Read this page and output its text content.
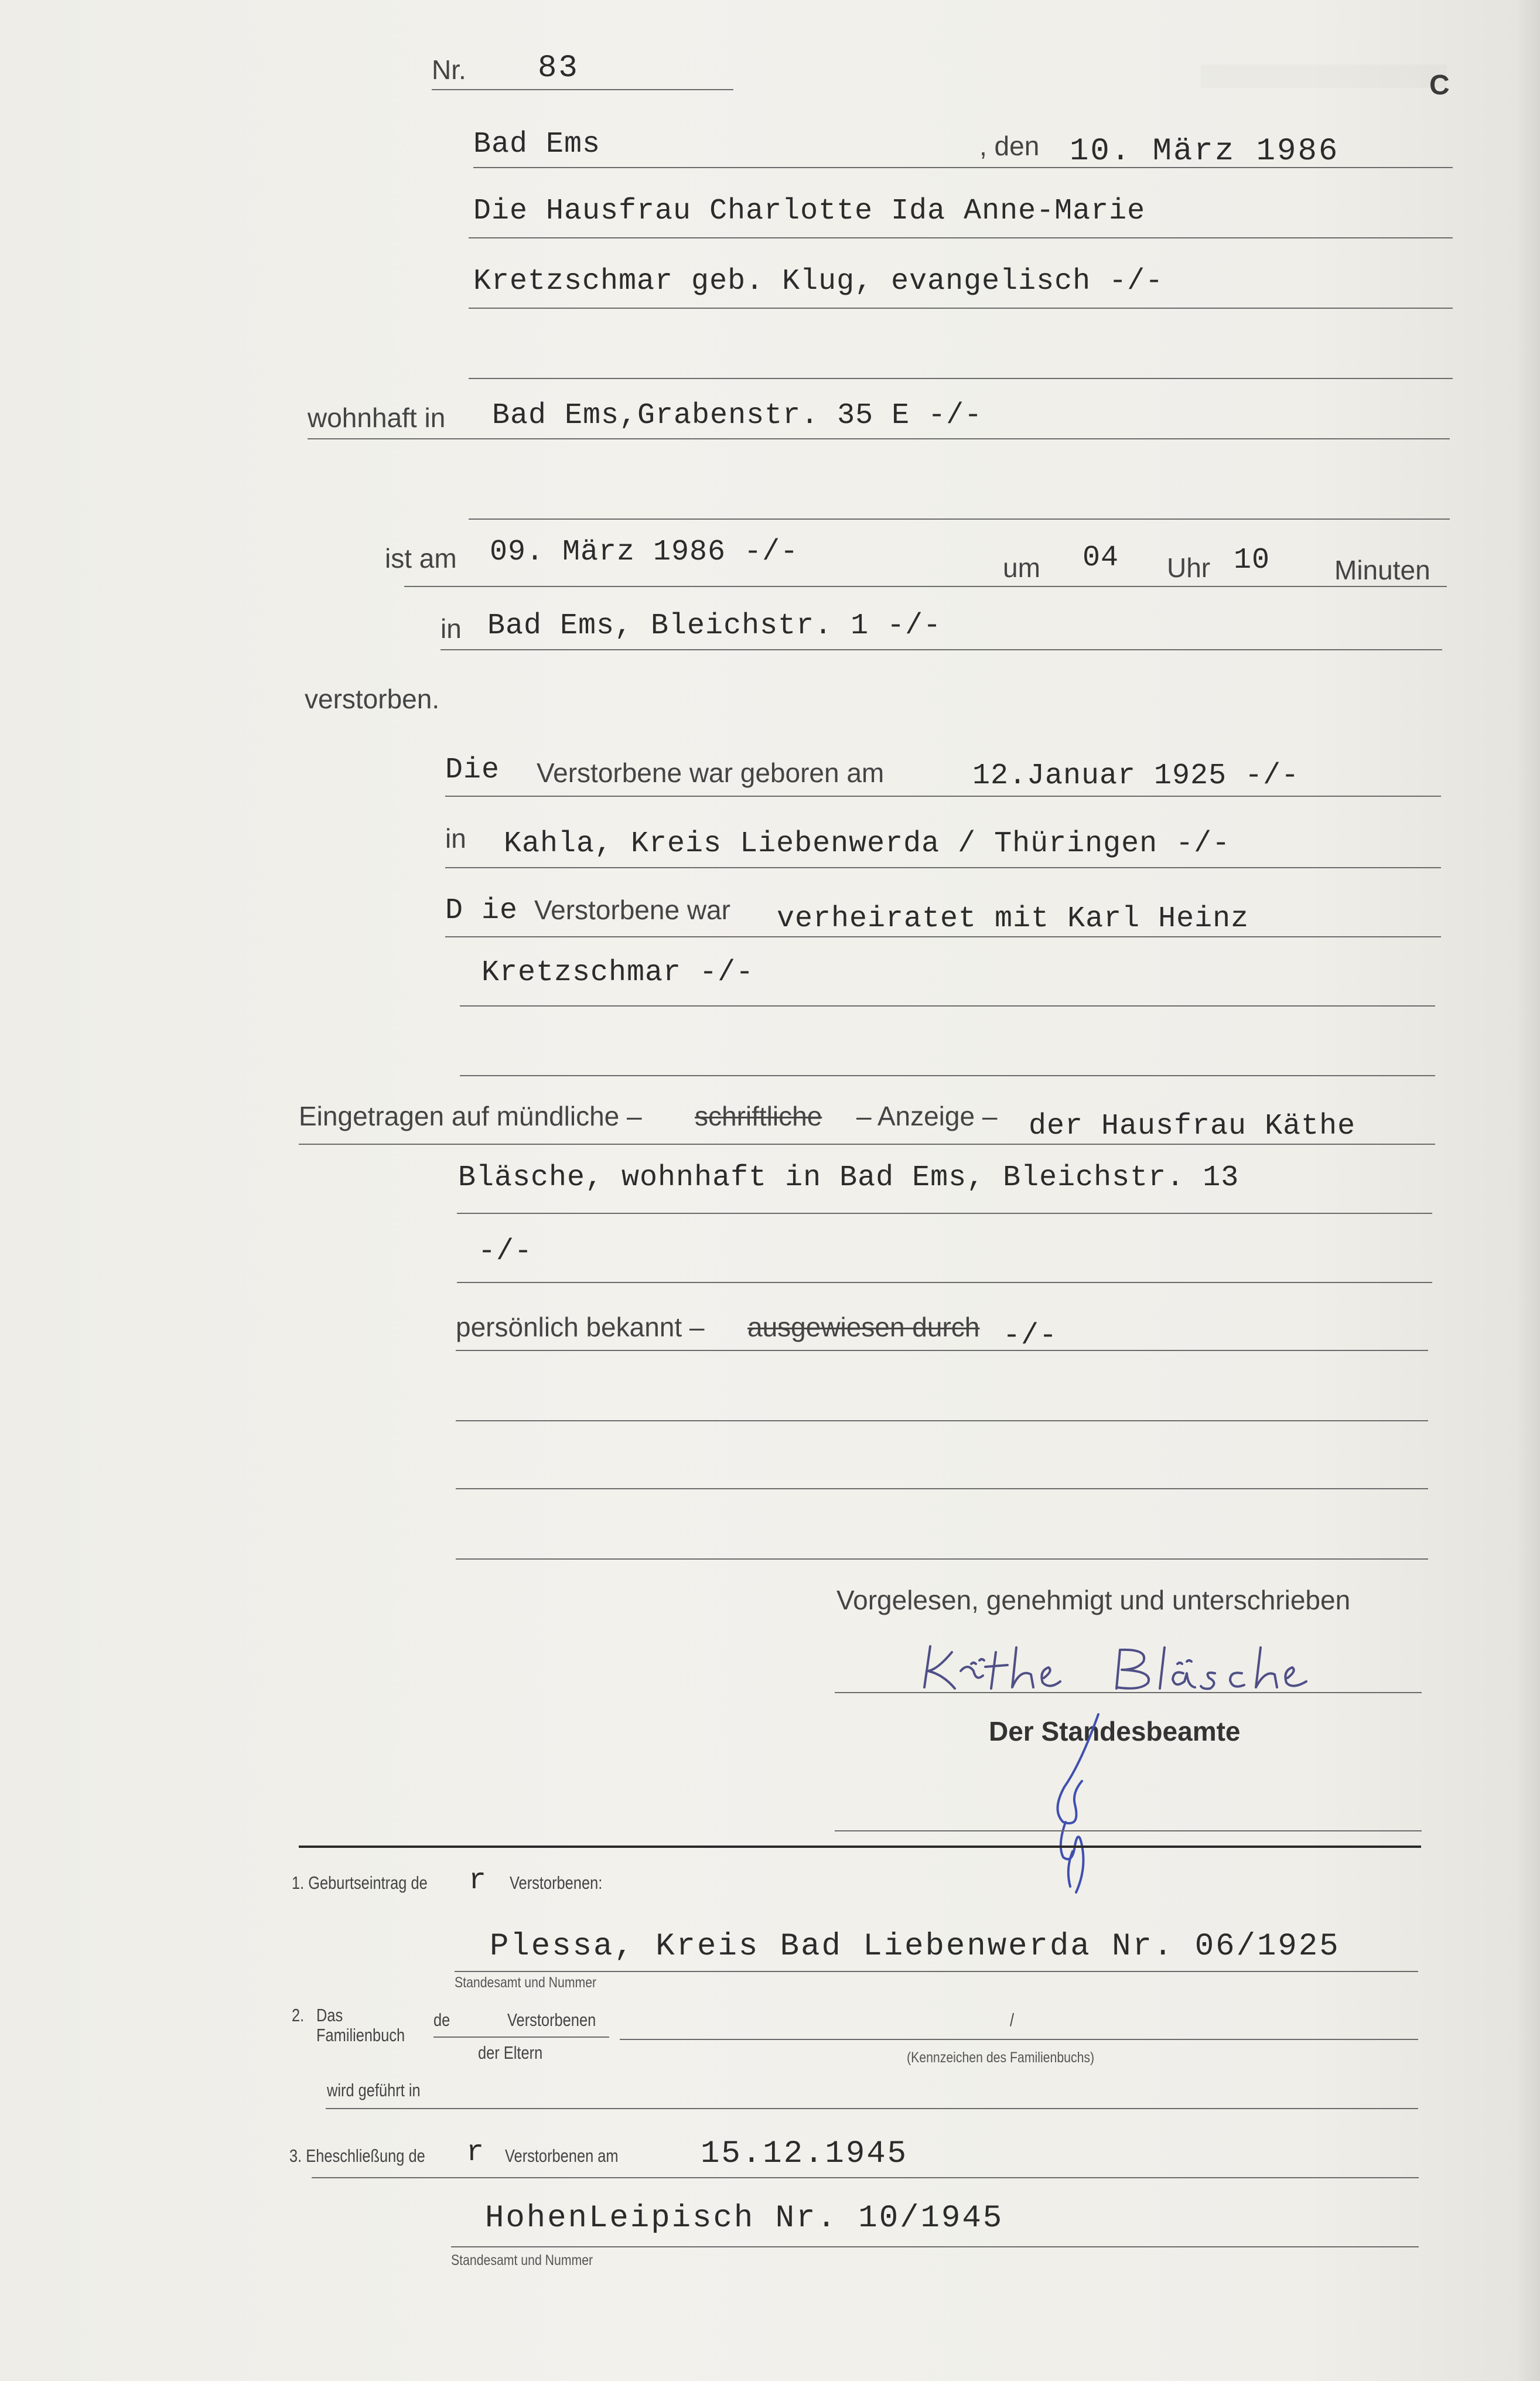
Nr. 83	C
Bad Ems	, den 10. März 1986
Die Hausfrau Charlotte Ida Anne-Marie
Kretzschmar geb. Klug, evangelisch -/-
wohnhaft in Bad Ems,Grabenstr. 35 E -/-
ist am 09. März 1986 -/-	um 04 Uhr 10 Minuten
in Bad Ems, Bleichstr. 1 -/-
verstorben.
Die Verstorbene war geboren am	12.Januar 1925 -/-
in Kahla, Kreis Liebenwerda / Thüringen -/-
D ie Verstorbene war verheiratet mit Karl Heinz
Kretzschmar -/-
Eingetragen auf mündliche – schriftliche – Anzeige – der Hausfrau Käthe
Bläsche, wohnhaft in Bad Ems, Bleichstr. 13
-/-
persönlich bekannt – ausgewiesen durch -/-
Vorgelesen, genehmigt und unterschrieben
Der Standesbeamte
1. Geburtseintrag de r Verstorbenen:
Plessa, Kreis Bad Liebenwerda Nr. 06/1925
Standesamt und Nummer
2. Das
Familienbuch
de	Verstorbenen
der Eltern
/
(Kennzeichen des Familienbuchs)
wird geführt in
3. Eheschließung de r Verstorbenen am	15.12.1945
HohenLeipisch Nr. 10/1945
Standesamt und Nummer
